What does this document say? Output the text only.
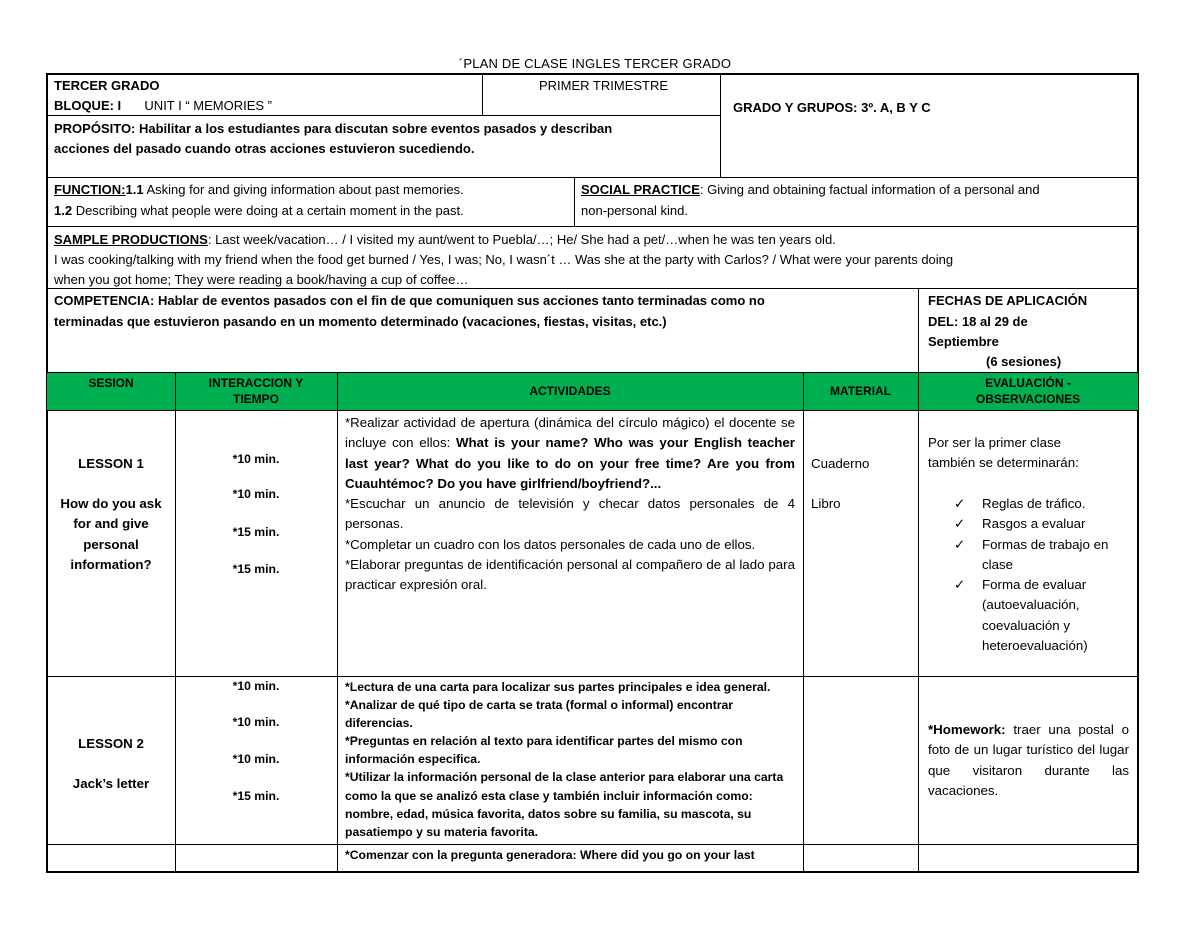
´PLAN DE CLASE INGLES TERCER GRADO
TERCER GRADO
BLOQUE: I UNIT I “ MEMORIES ”
PRIMER TRIMESTRE
GRADO Y GRUPOS: 3º. A, B Y C
PROPÓSITO: Habilitar a los estudiantes para discutan sobre eventos pasados y describan
acciones del pasado cuando otras acciones estuvieron sucediendo.
FUNCTION:1.1 Asking for and giving information about past memories.
1.2 Describing what people were doing at a certain moment in the past.
SOCIAL PRACTICE: Giving and obtaining factual information of a personal and
non-personal kind.
SAMPLE PRODUCTIONS: Last week/vacation… / I visited my aunt/went to Puebla/…; He/ She had a pet/…when he was ten years old.
I was cooking/talking with my friend when the food get burned / Yes, I was; No, I wasn´t … Was she at the party with Carlos? / What were your parents doing
when you got home; They were reading a book/having a cup of coffee…
COMPETENCIA: Hablar de eventos pasados con el fin de que comuniquen sus acciones tanto terminadas como no
terminadas que estuvieron pasando en un momento determinado (vacaciones, fiestas, visitas, etc.)
FECHAS DE APLICACIÓN
DEL: 18 al 29 de
Septiembre
(6 sesiones)
SESION	INTERACCION Y
TIEMPO
ACTIVIDADES	MATERIAL
EVALUACIÓN -
OBSERVACIONES
LESSON 1
How do you ask
for and give
personal
information?
*10 min.
*10 min.
*15 min.
*15 min.
*Realizar actividad de apertura (dinámica del círculo mágico) el docente se incluye con ellos: What is your name? Who was your English teacher last year? What do you like to do on your free time? Are you from Cuauhtémoc? Do you have girlfriend/boyfriend?...
*Escuchar un anuncio de televisión y checar datos personales de 4 personas.
*Completar un cuadro con los datos personales de cada uno de ellos.
*Elaborar preguntas de identificación personal al compañero de al lado para practicar expresión oral.
Cuaderno
Libro
Por ser la primer clase también se determinarán:
✓ Reglas de tráfico.
✓ Rasgos a evaluar
✓ Formas de trabajo en clase
✓ Forma de evaluar (autoevaluación, coevaluación y heteroevaluación)
LESSON 2
Jack’s letter
*10 min.
*10 min.
*10 min.
*15 min.
*Lectura de una carta para localizar sus partes principales e idea general.
*Analizar de qué tipo de carta se trata (formal o informal) encontrar diferencias.
*Preguntas en relación al texto para identificar partes del mismo con información especifica.
*Utilizar la información personal de la clase anterior para elaborar una carta como la que se analizó esta clase y también incluir información como: nombre, edad, música favorita, datos sobre su familia, su mascota, su pasatiempo y su materia favorita.
*Homework: traer una postal o foto de un lugar turístico del lugar que visitaron durante las vacaciones.
*Comenzar con la pregunta generadora: Where did you go on your last
